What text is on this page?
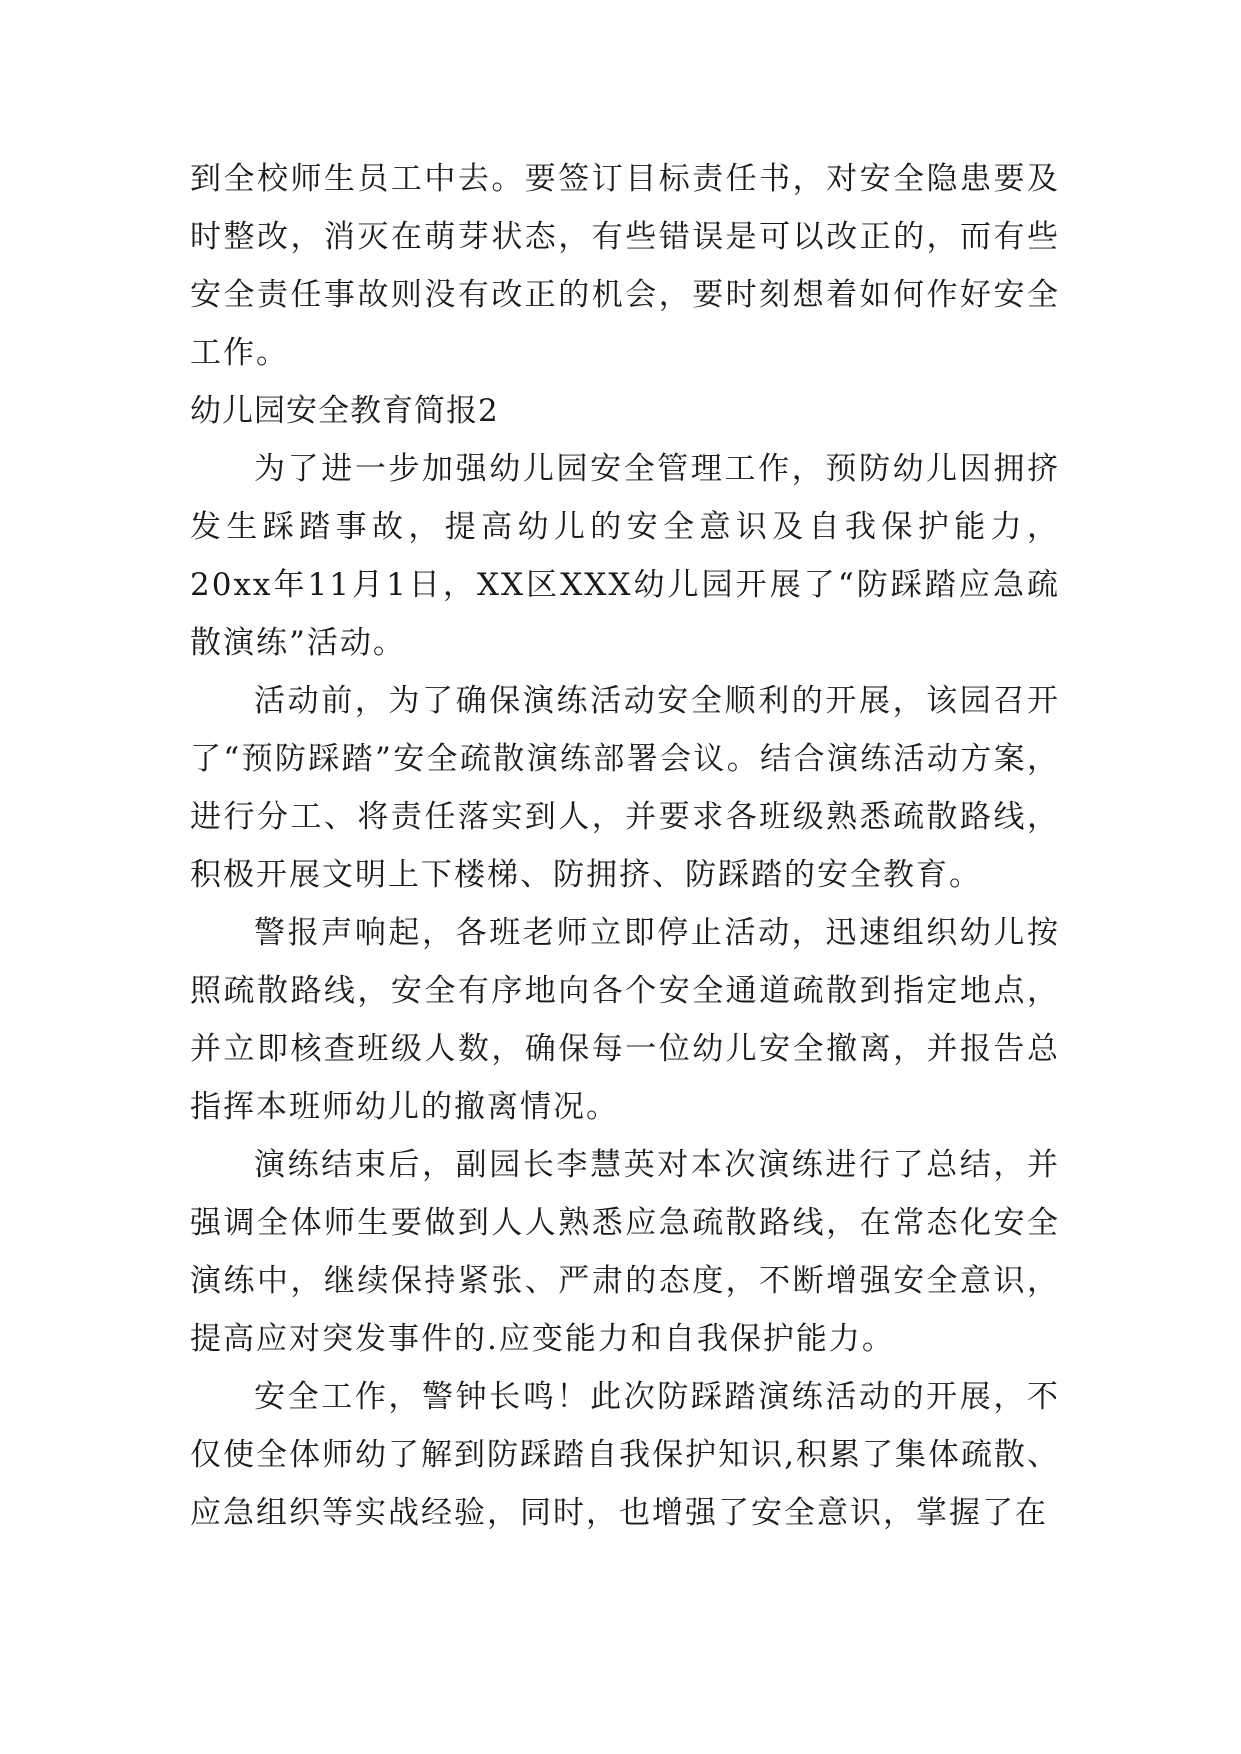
到全校师生员工中去。要签订目标责任书，对安全隐患要及时整改，消灭在萌芽状态，有些错误是可以改正的，而有些安全责任事故则没有改正的机会，要时刻想着如何作好安全工作。

幼儿园安全教育简报2

为了进一步加强幼儿园安全管理工作，预防幼儿因拥挤发生踩踏事故，提高幼儿的安全意识及自我保护能力，20xx年11月1日，XX区XXX幼儿园开展了“防踩踏应急疏散演练”活动。

活动前，为了确保演练活动安全顺利的开展，该园召开了“预防踩踏”安全疏散演练部署会议。结合演练活动方案，进行分工、将责任落实到人，并要求各班级熟悉疏散路线，积极开展文明上下楼梯、防拥挤、防踩踏的安全教育。

警报声响起，各班老师立即停止活动，迅速组织幼儿按照疏散路线，安全有序地向各个安全通道疏散到指定地点，并立即核查班级人数，确保每一位幼儿安全撤离，并报告总指挥本班师幼儿的撤离情况。

演练结束后，副园长李慧英对本次演练进行了总结，并强调全体师生要做到人人熟悉应急疏散路线，在常态化安全演练中，继续保持紧张、严肃的态度，不断增强安全意识，提高应对突发事件的.应变能力和自我保护能力。

安全工作，警钟长鸣！此次防踩踏演练活动的开展，不仅使全体师幼了解到防踩踏自我保护知识,积累了集体疏散、应急组织等实战经验，同时，也增强了安全意识，掌握了在
